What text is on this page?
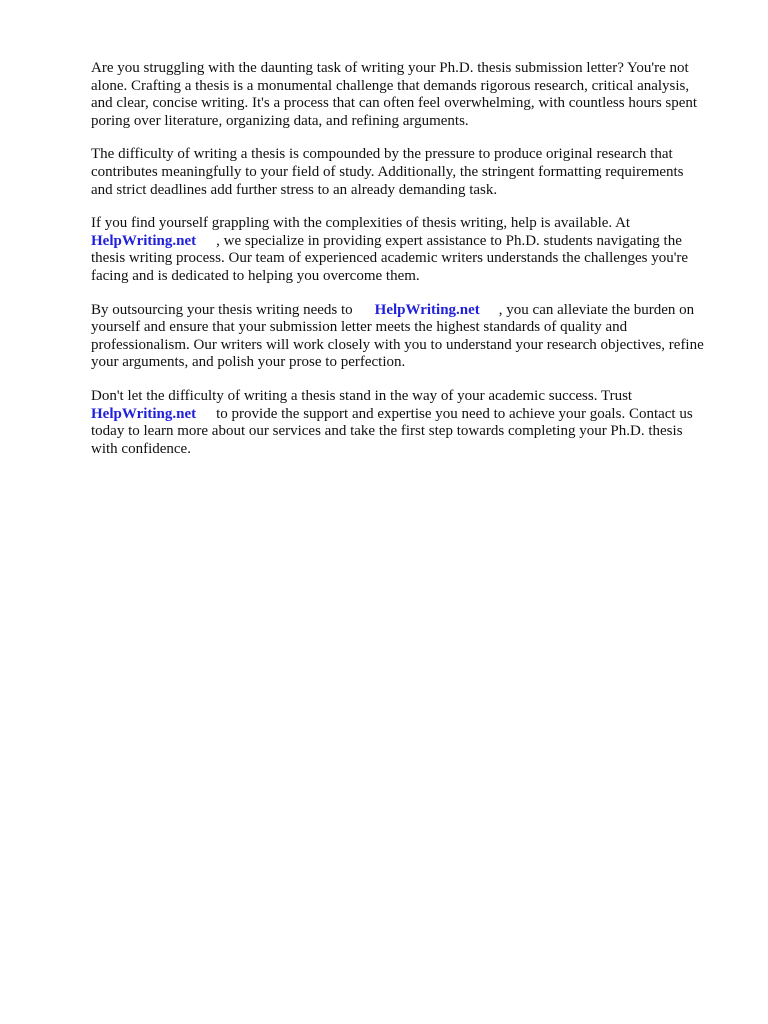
Are you struggling with the daunting task of writing your Ph.D. thesis submission letter? You're not
alone. Crafting a thesis is a monumental challenge that demands rigorous research, critical analysis,
and clear, concise writing. It's a process that can often feel overwhelming, with countless hours spent
poring over literature, organizing data, and refining arguments.

The difficulty of writing a thesis is compounded by the pressure to produce original research that
contributes meaningfully to your field of study. Additionally, the stringent formatting requirements
and strict deadlines add further stress to an already demanding task.

If you find yourself grappling with the complexities of thesis writing, help is available. At
HelpWriting.net , we specialize in providing expert assistance to Ph.D. students navigating the
thesis writing process. Our team of experienced academic writers understands the challenges you're
facing and is dedicated to helping you overcome them.

By outsourcing your thesis writing needs to HelpWriting.net , you can alleviate the burden on
yourself and ensure that your submission letter meets the highest standards of quality and
professionalism. Our writers will work closely with you to understand your research objectives, refine
your arguments, and polish your prose to perfection.

Don't let the difficulty of writing a thesis stand in the way of your academic success. Trust
HelpWriting.net to provide the support and expertise you need to achieve your goals. Contact us
today to learn more about our services and take the first step towards completing your Ph.D. thesis
with confidence.
